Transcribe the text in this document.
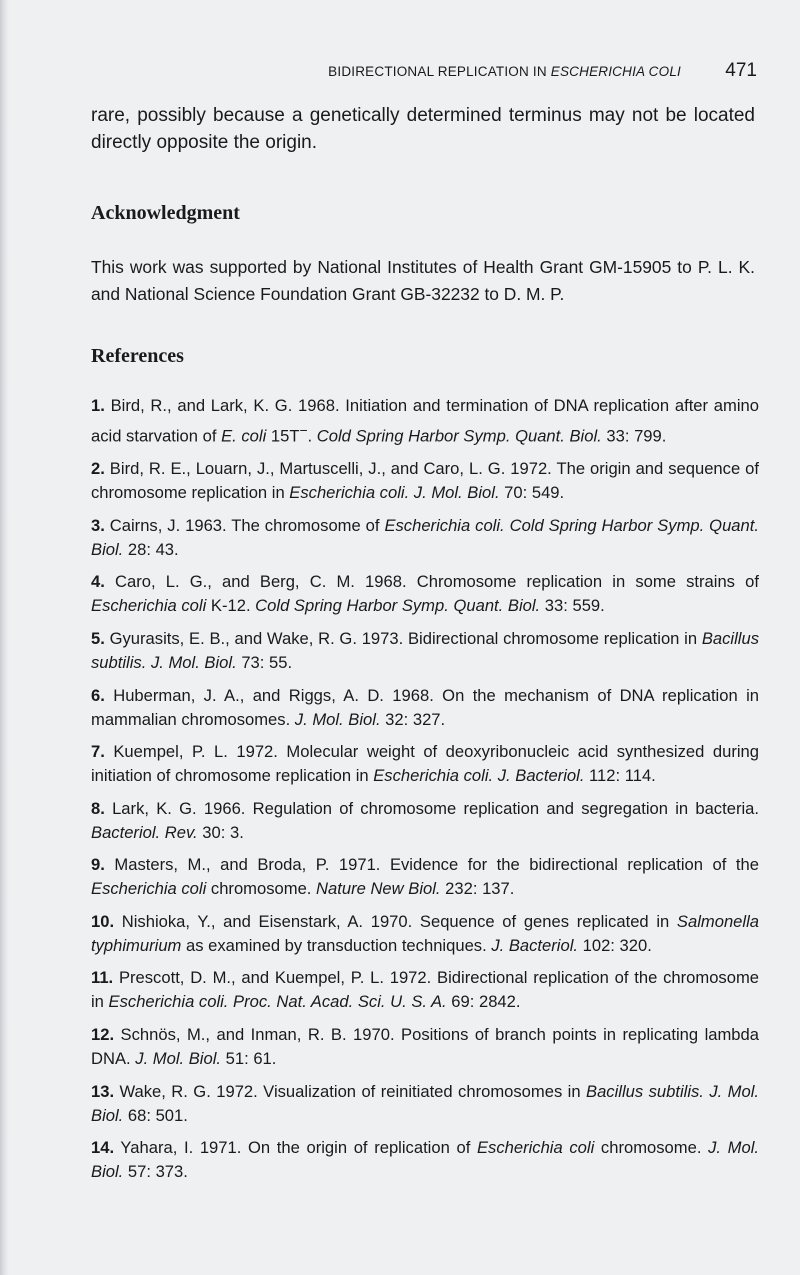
BIDIRECTIONAL REPLICATION IN ESCHERICHIA COLI 471

rare, possibly because a genetically determined terminus may not be located directly opposite the origin.

Acknowledgment

This work was supported by National Institutes of Health Grant GM-15905 to P. L. K. and National Science Foundation Grant GB-32232 to D. M. P.

References

1. Bird, R., and Lark, K. G. 1968. Initiation and termination of DNA replication after amino acid starvation of E. coli 15T−. Cold Spring Harbor Symp. Quant. Biol. 33: 799.

2. Bird, R. E., Louarn, J., Martuscelli, J., and Caro, L. G. 1972. The origin and sequence of chromosome replication in Escherichia coli. J. Mol. Biol. 70: 549.

3. Cairns, J. 1963. The chromosome of Escherichia coli. Cold Spring Harbor Symp. Quant. Biol. 28: 43.

4. Caro, L. G., and Berg, C. M. 1968. Chromosome replication in some strains of Escherichia coli K-12. Cold Spring Harbor Symp. Quant. Biol. 33: 559.

5. Gyurasits, E. B., and Wake, R. G. 1973. Bidirectional chromosome replication in Bacillus subtilis. J. Mol. Biol. 73: 55.

6. Huberman, J. A., and Riggs, A. D. 1968. On the mechanism of DNA replication in mammalian chromosomes. J. Mol. Biol. 32: 327.

7. Kuempel, P. L. 1972. Molecular weight of deoxyribonucleic acid synthesized during initiation of chromosome replication in Escherichia coli. J. Bacteriol. 112: 114.

8. Lark, K. G. 1966. Regulation of chromosome replication and segregation in bacteria. Bacteriol. Rev. 30: 3.

9. Masters, M., and Broda, P. 1971. Evidence for the bidirectional replication of the Escherichia coli chromosome. Nature New Biol. 232: 137.

10. Nishioka, Y., and Eisenstark, A. 1970. Sequence of genes replicated in Salmonella typhimurium as examined by transduction techniques. J. Bacteriol. 102: 320.

11. Prescott, D. M., and Kuempel, P. L. 1972. Bidirectional replication of the chromosome in Escherichia coli. Proc. Nat. Acad. Sci. U. S. A. 69: 2842.

12. Schnös, M., and Inman, R. B. 1970. Positions of branch points in replicating lambda DNA. J. Mol. Biol. 51: 61.

13. Wake, R. G. 1972. Visualization of reinitiated chromosomes in Bacillus subtilis. J. Mol. Biol. 68: 501.

14. Yahara, I. 1971. On the origin of replication of Escherichia coli chromosome. J. Mol. Biol. 57: 373.
